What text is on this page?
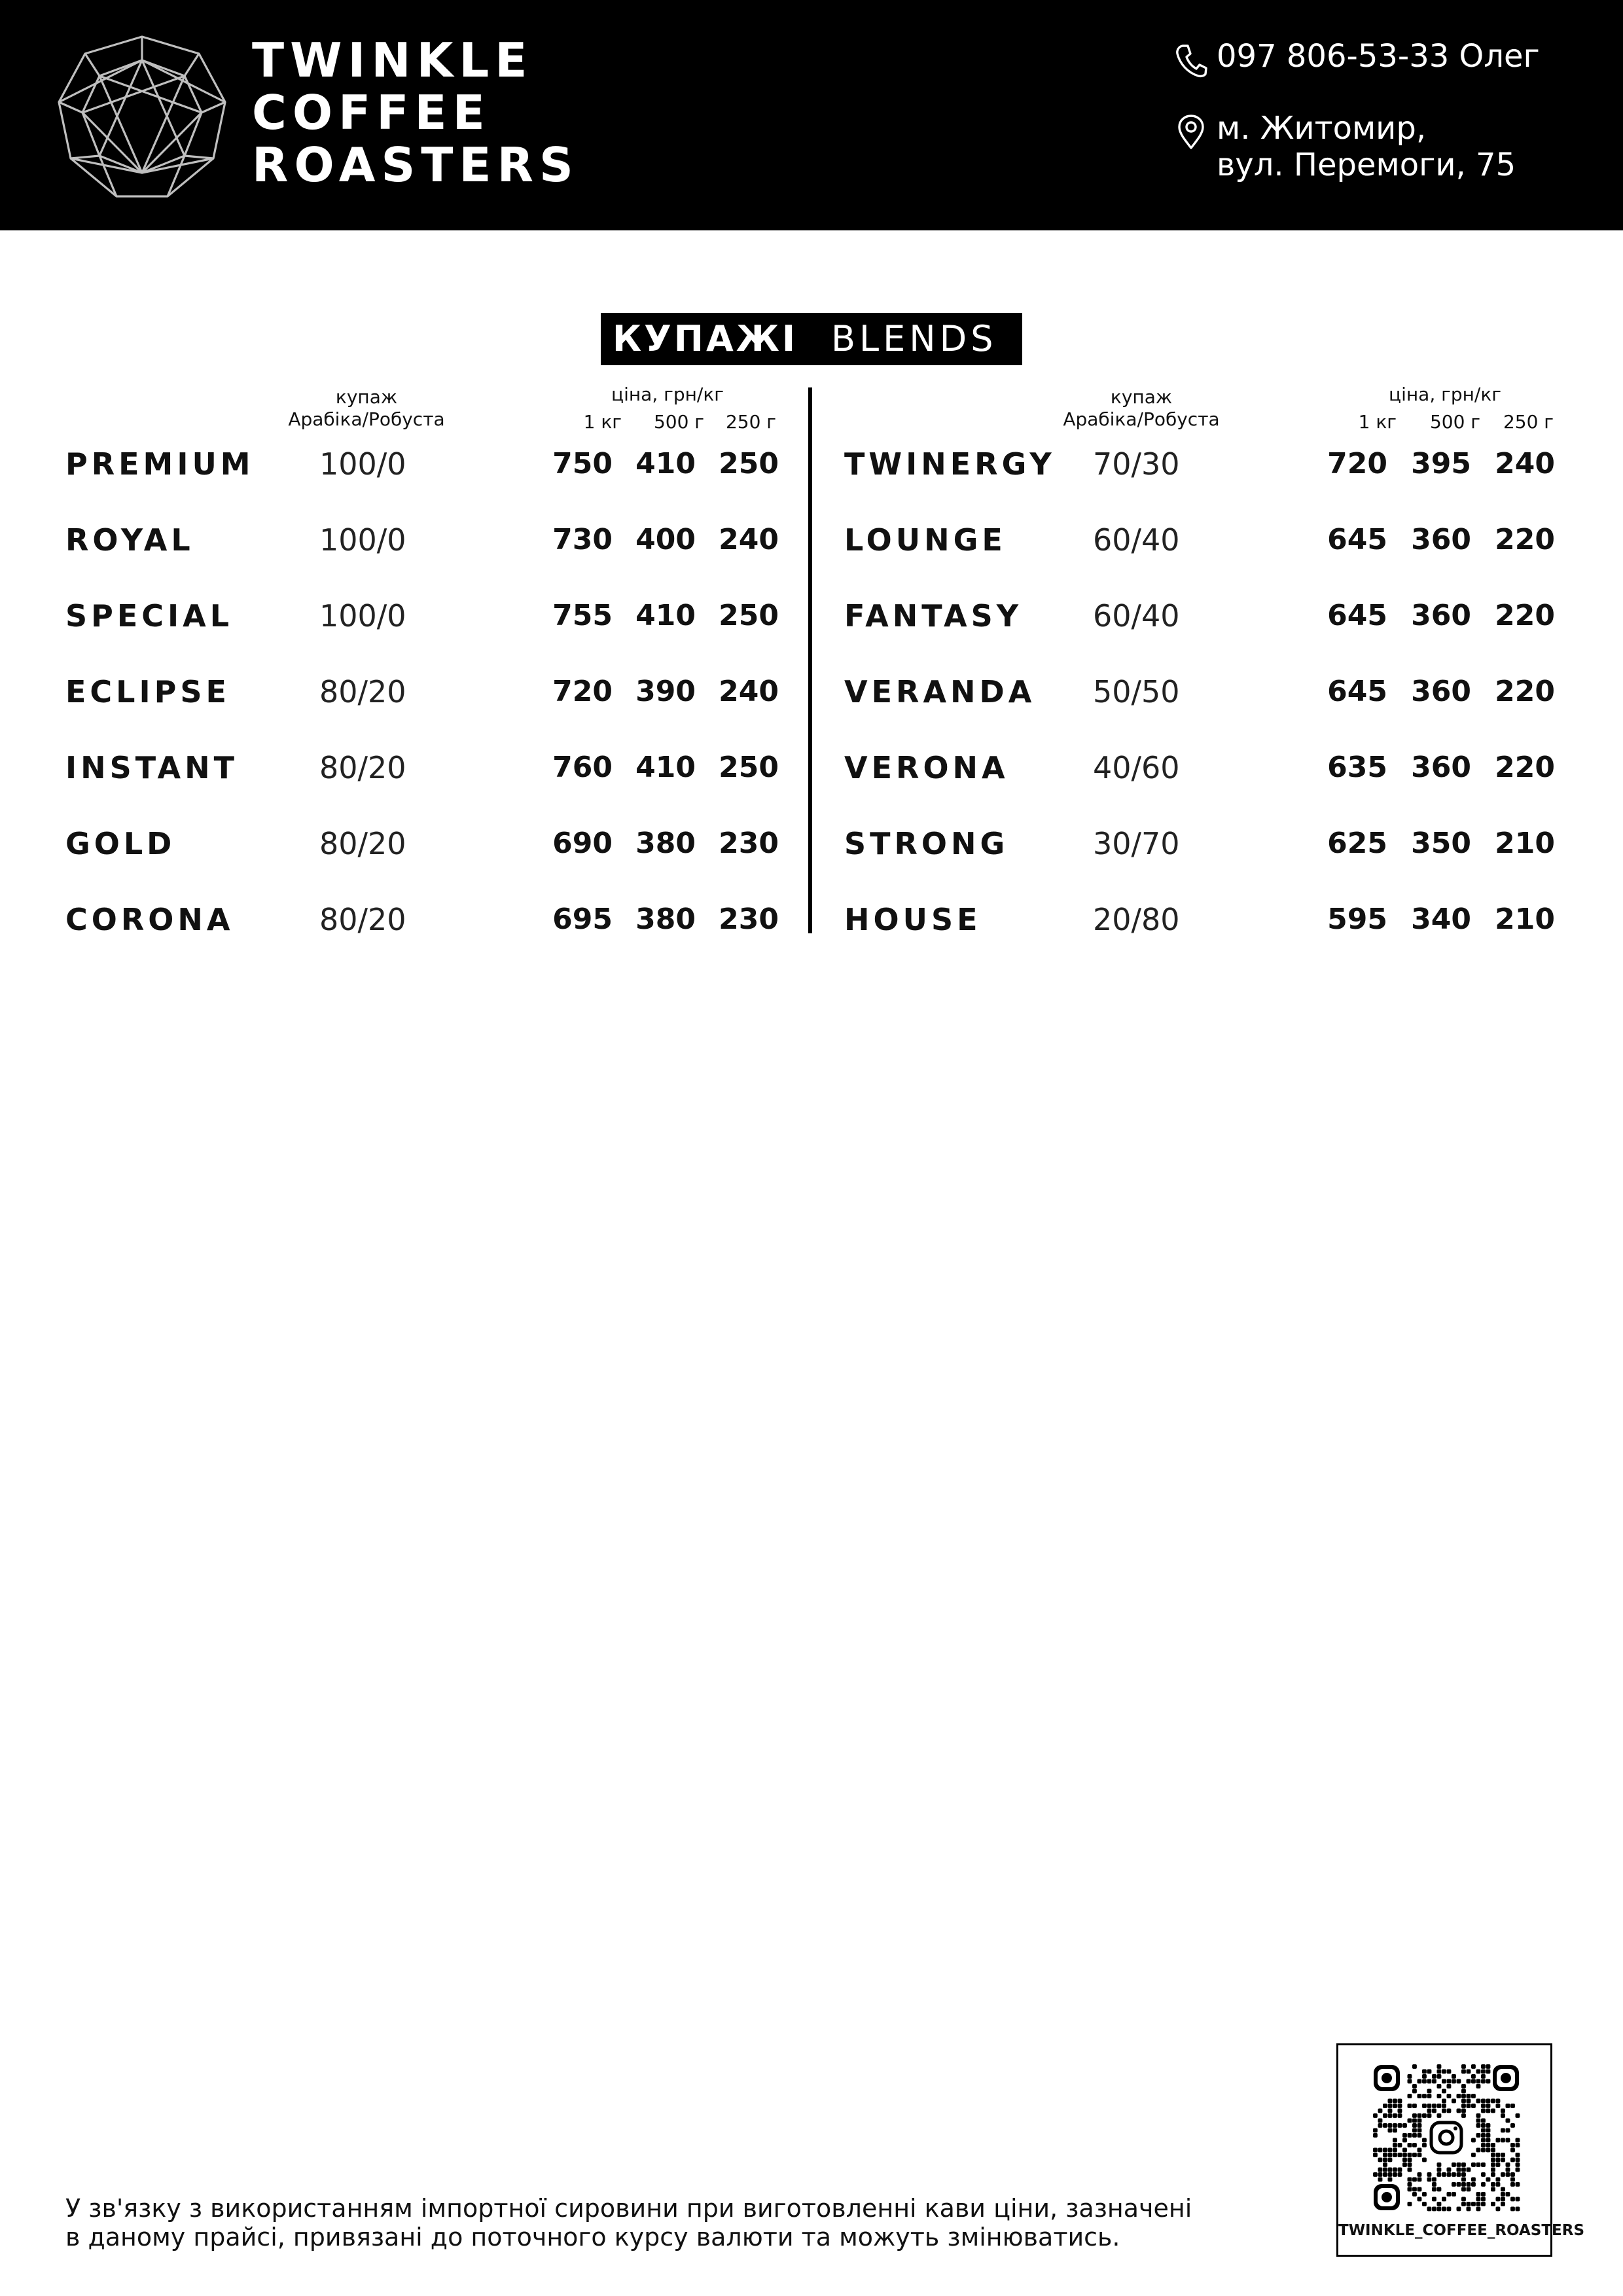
TWINKLE
COFFEE
ROASTERS
097 806-53-33 Олег
м. Житомир,
вул. Перемоги, 75
КУПАЖІ BLENDS
купаж
Арабіка/Робуста
ціна, грн/кг
1 кг	500 г	250 г
купаж
Арабіка/Робуста
ціна, грн/кг
1 кг	500 г	250 г
PREMIUM 100/0	750 410 250
ROYAL	100/0	730 400 240
SPECIAL	100/0	755 410 250
ECLIPSE	80/20	720 390 240
INSTANT	80/20	760 410 250
GOLD	80/20	690 380 230
CORONA	80/20	695 380 230
TWINERGY 70/30	720 395 240
LOUNGE	60/40	645 360 220
FANTASY 60/40	645 360 220
VERANDA 50/50	645 360 220
VERONA	40/60	635 360 220
STRONG	30/70	625 350 210
HOUSE	20/80	595 340 210
У зв'язку з використанням імпортної сировини при виготовленні кави ціни, зазначені
в даному прайсі, привязані до поточного курсу валюти та можуть змінюватись.	TWINKLE_COFFEE_ROASTERS
